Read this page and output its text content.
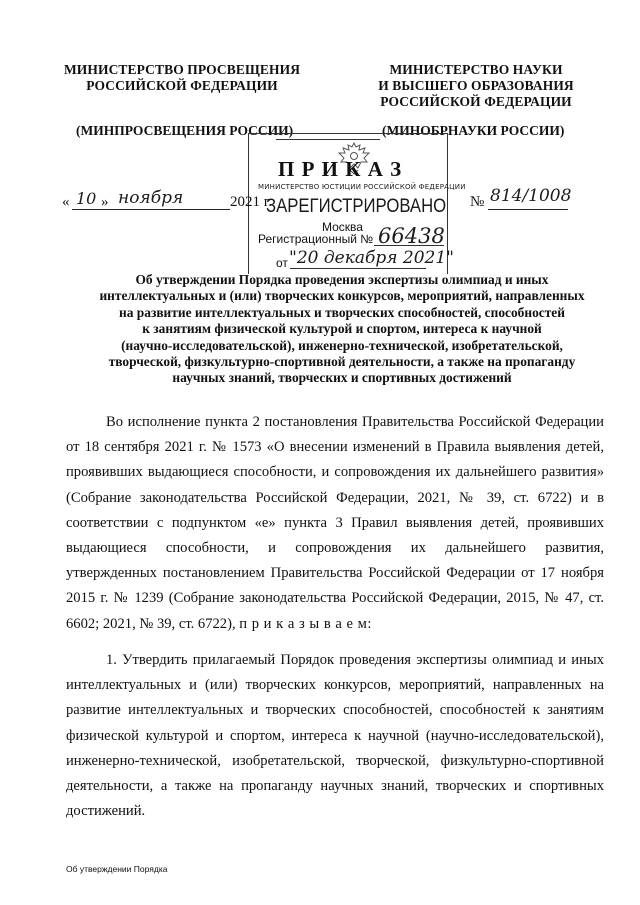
МИНИСТЕРСТВО ПРОСВЕЩЕНИЯ
РОССИЙСКОЙ ФЕДЕРАЦИИ
МИНИСТЕРСТВО НАУКИ
И ВЫСШЕГО ОБРАЗОВАНИЯ
РОССИЙСКОЙ ФЕДЕРАЦИИ
(МИНПРОСВЕЩЕНИЯ РОССИИ)	(МИНОБРНАУКИ РОССИИ)
П Р И К А З
МИНИСТЕРСТВО ЮСТИЦИИ РОССИЙСКОЙ ФЕДЕРАЦИИ
ЗАРЕГИСТРИРОВАНО
Москва
Регистрационный № 66438
от "20 декабря 2021"
« 10 » ноября	2021 г.	№ 814/1008
Об утверждении Порядка проведения экспертизы олимпиад и иных
интеллектуальных и (или) творческих конкурсов, мероприятий, направленных
на развитие интеллектуальных и творческих способностей, способностей
к занятиям физической культурой и спортом, интереса к научной
(научно-исследовательской), инженерно-технической, изобретательской,
творческой, физкультурно-спортивной деятельности, а также на пропаганду
научных знаний, творческих и спортивных достижений
Во исполнение пункта 2 постановления Правительства Российской Федерации от 18 сентября 2021 г. № 1573 «О внесении изменений в Правила выявления детей, проявивших выдающиеся способности, и сопровождения их дальнейшего развития» (Собрание законодательства Российской Федерации, 2021, № 39, ст. 6722) и в соответствии с подпунктом «е» пункта 3 Правил выявления детей, проявивших выдающиеся способности, и сопровождения их дальнейшего развития, утвержденных постановлением Правительства Российской Федерации от 17 ноября 2015 г. № 1239 (Собрание законодательства Российской Федерации, 2015, № 47, ст. 6602; 2021, № 39, ст. 6722), п р и к а з ы в а е м:
1. Утвердить прилагаемый Порядок проведения экспертизы олимпиад и иных интеллектуальных и (или) творческих конкурсов, мероприятий, направленных на развитие интеллектуальных и творческих способностей, способностей к занятиям физической культурой и спортом, интереса к научной (научно-исследовательской), инженерно-технической, изобретательской, творческой, физкультурно-спортивной деятельности, а также на пропаганду научных знаний, творческих и спортивных достижений.
Об утверждении Порядка
